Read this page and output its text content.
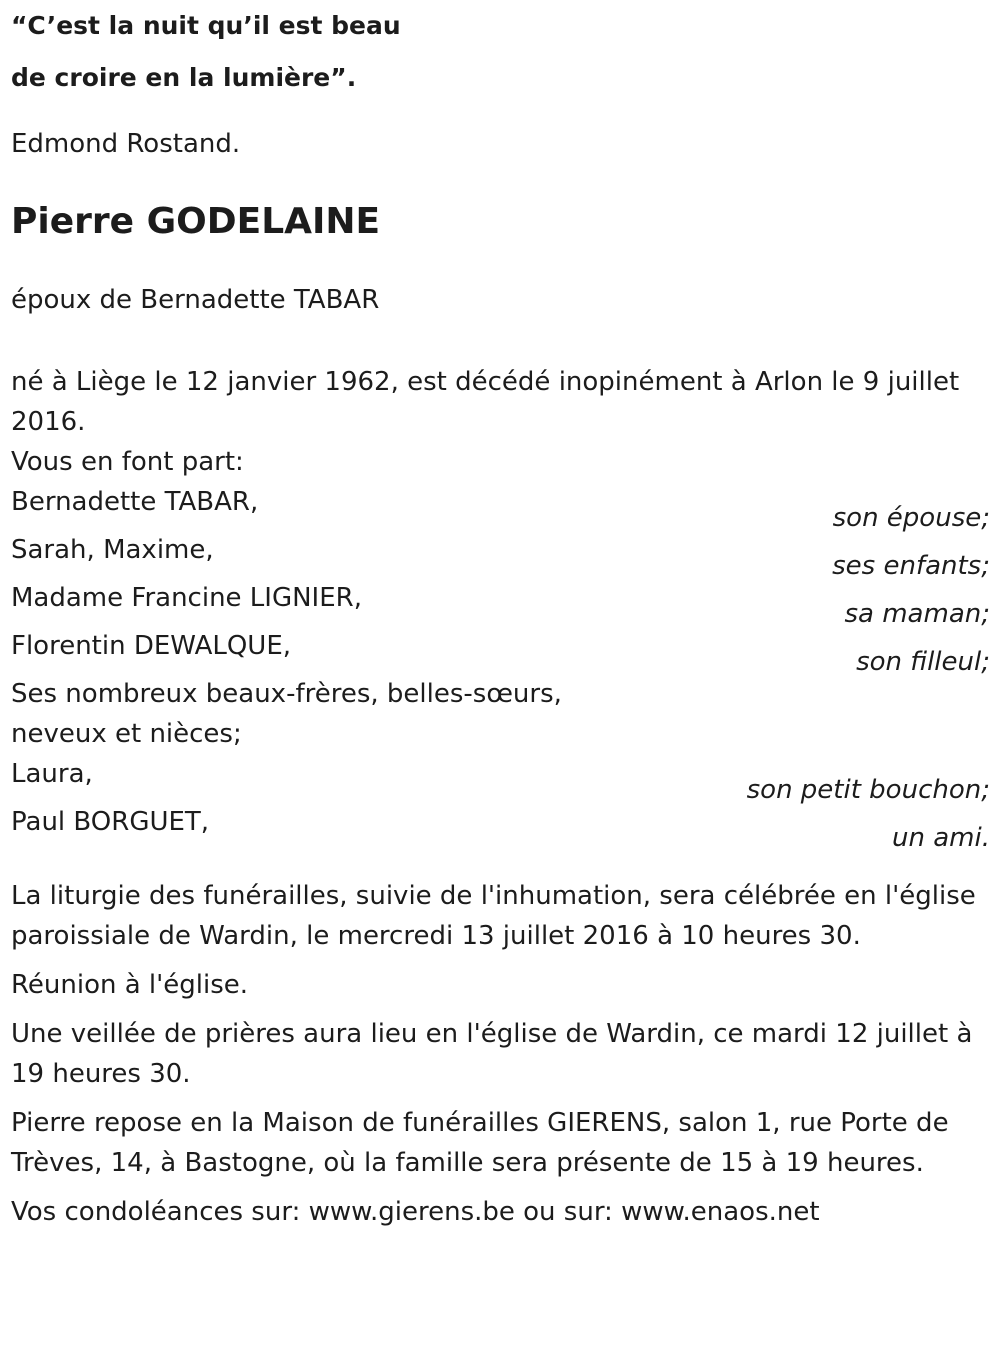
“C’est la nuit qu’il est beau
de croire en la lumière”.
Edmond Rostand.
Pierre GODELAINE
époux de Bernadette TABAR
né à Liège le 12 janvier 1962, est décédé inopinément à Arlon le 9 juillet 2016.
Vous en font part:
Bernadette TABAR,
son épouse;
Sarah, Maxime,
ses enfants;
Madame Francine LIGNIER,
sa maman;
Florentin DEWALQUE,
son filleul;
Ses nombreux beaux-frères, belles-sœurs,
neveux et nièces;
Laura,
son petit bouchon;
Paul BORGUET,
un ami.
La liturgie des funérailles, suivie de l'inhumation, sera célébrée en l'église paroissiale de Wardin, le mercredi 13 juillet 2016 à 10 heures 30.
Réunion à l'église.
Une veillée de prières aura lieu en l'église de Wardin, ce mardi 12 juillet à 19 heures 30.
Pierre repose en la Maison de funérailles GIERENS, salon 1, rue Porte de Trèves, 14, à Bastogne, où la famille sera présente de 15 à 19 heures.
Vos condoléances sur: www.gierens.be ou sur: www.enaos.net
